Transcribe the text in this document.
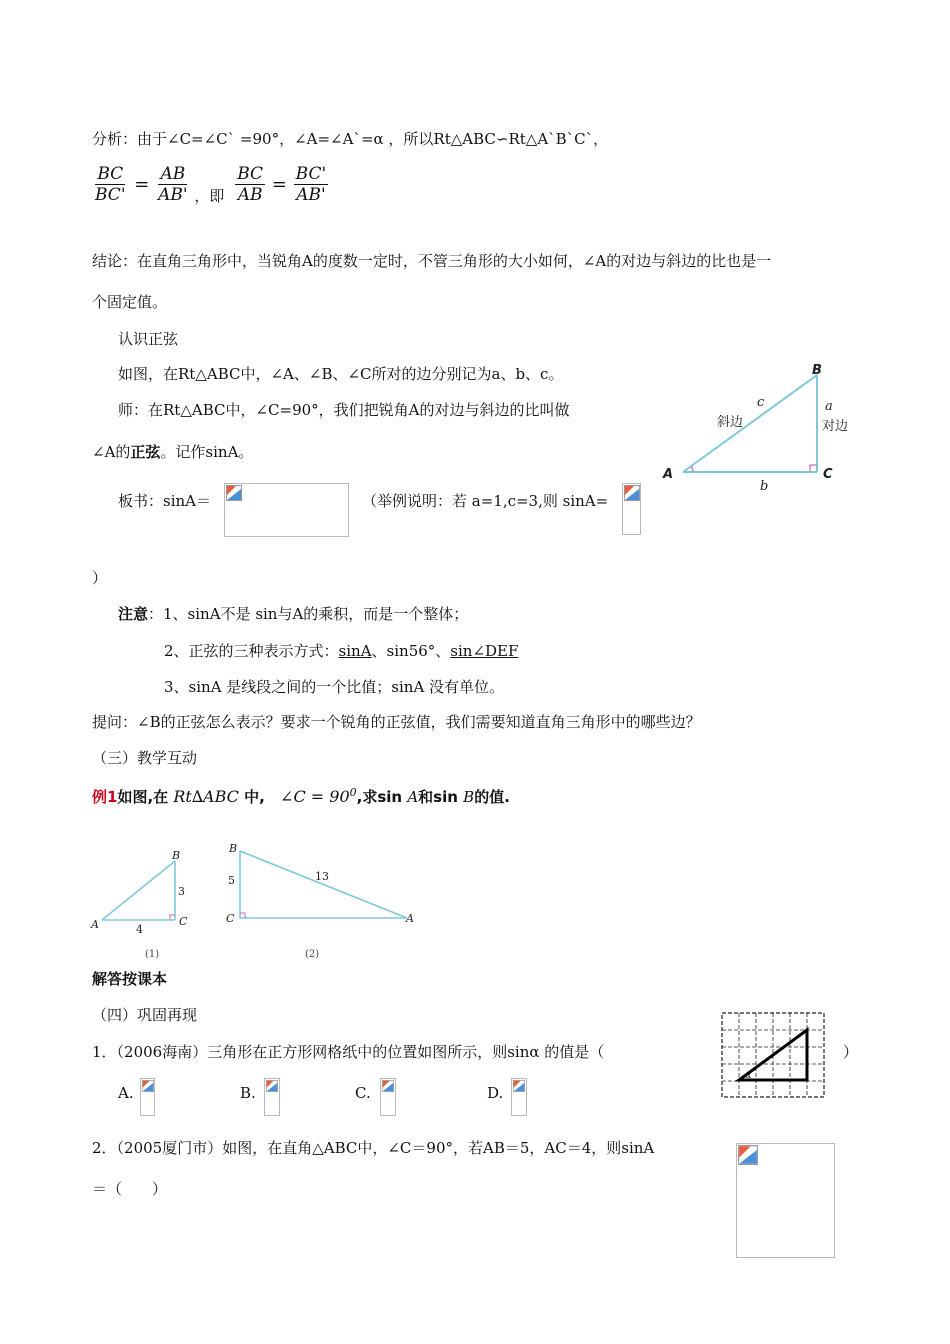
分析：由于∠C=∠C` =90°，∠A=∠A`=α ，所以Rt△ABC∽Rt△A`B`C`，
$\frac{BC}{BC'} = \frac{AB}{AB'}$ ，即 $\frac{BC}{AB} = \frac{BC'}{AB'}$
结论：在直角三角形中，当锐角A的度数一定时，不管三角形的大小如何，∠A的对边与斜边的比也是一
个固定值。
认识正弦
如图，在Rt△ABC中，∠A、∠B、∠C所对的边分别记为a、b、c。
师：在Rt△ABC中，∠C=90°，我们把锐角A的对边与斜边的比叫做
∠A的正弦。记作sinA。
B
C
A
c	a
b
斜边	对边
板书：sinA＝	（举例说明：若 a=1,c=3,则 sinA=
）
注意：1、sinA不是 sin与A的乘积，而是一个整体；
2、正弦的三种表示方式：sinA、sin56°、sin∠DEF
3、sinA 是线段之间的一个比值；sinA 没有单位。
提问：∠B的正弦怎么表示？要求一个锐角的正弦值，我们需要知道直角三角形中的哪些边？
（三）教学互动
例1如图,在 Rt∆ABC 中, ∠C = $90^0$,求sin A和sin B的值.
B
A	C
3
4
(1)
B
C	A
5	13
(2)
解答按课本
（四）巩固再现
1．（2006海南）三角形在正方形网格纸中的位置如图所示，则sinα 的值是（	）
α
A.	B.	C.	D.
2．（2005厦门市）如图，在直角△ABC中，∠C＝90°，若AB＝5，AC＝4，则sinA
＝（　　）
